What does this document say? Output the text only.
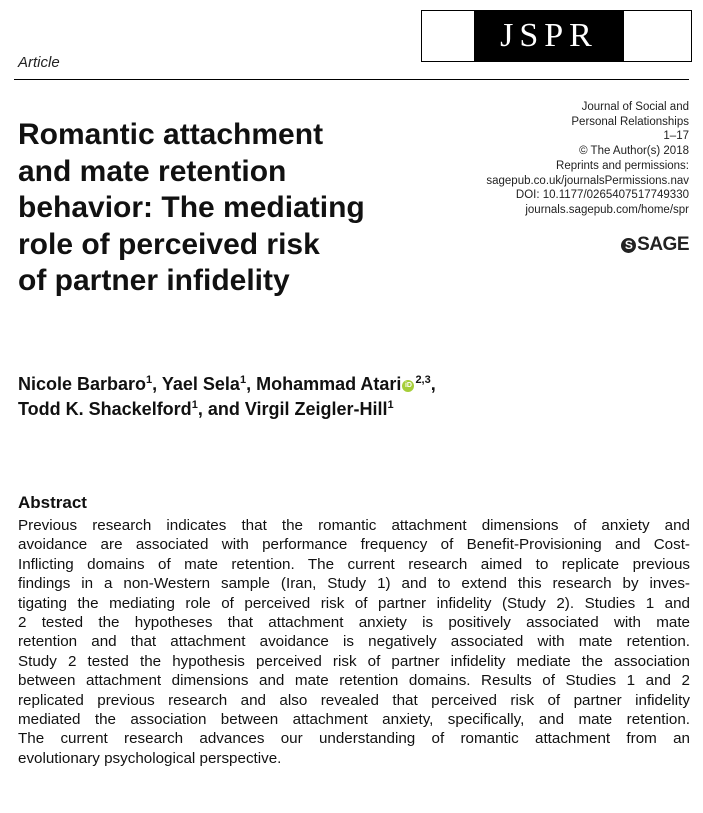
JSPR
Article
Romantic attachment
and mate retention
behavior: The mediating
role of perceived risk
of partner infidelity
Journal of Social and
Personal Relationships
1–17
© The Author(s) 2018
Reprints and permissions:
sagepub.co.uk/journalsPermissions.nav
DOI: 10.1177/0265407517749330
journals.sagepub.com/home/spr
S SAGE
Nicole Barbaro$^1$, Yael Sela$^1$, Mohammad Atari iD $^{2,3}$,
Todd K. Shackelford$^1$, and Virgil Zeigler-Hill$^1$
Abstract
Previous research indicates that the romantic attachment dimensions of anxiety and
avoidance are associated with performance frequency of Benefit-Provisioning and Cost-
Inflicting domains of mate retention. The current research aimed to replicate previous
findings in a non-Western sample (Iran, Study 1) and to extend this research by inves-
tigating the mediating role of perceived risk of partner infidelity (Study 2). Studies 1 and
2 tested the hypotheses that attachment anxiety is positively associated with mate
retention and that attachment avoidance is negatively associated with mate retention.
Study 2 tested the hypothesis perceived risk of partner infidelity mediate the association
between attachment dimensions and mate retention domains. Results of Studies 1 and 2
replicated previous research and also revealed that perceived risk of partner infidelity
mediated the association between attachment anxiety, specifically, and mate retention.
The current research advances our understanding of romantic attachment from an
evolutionary psychological perspective.
